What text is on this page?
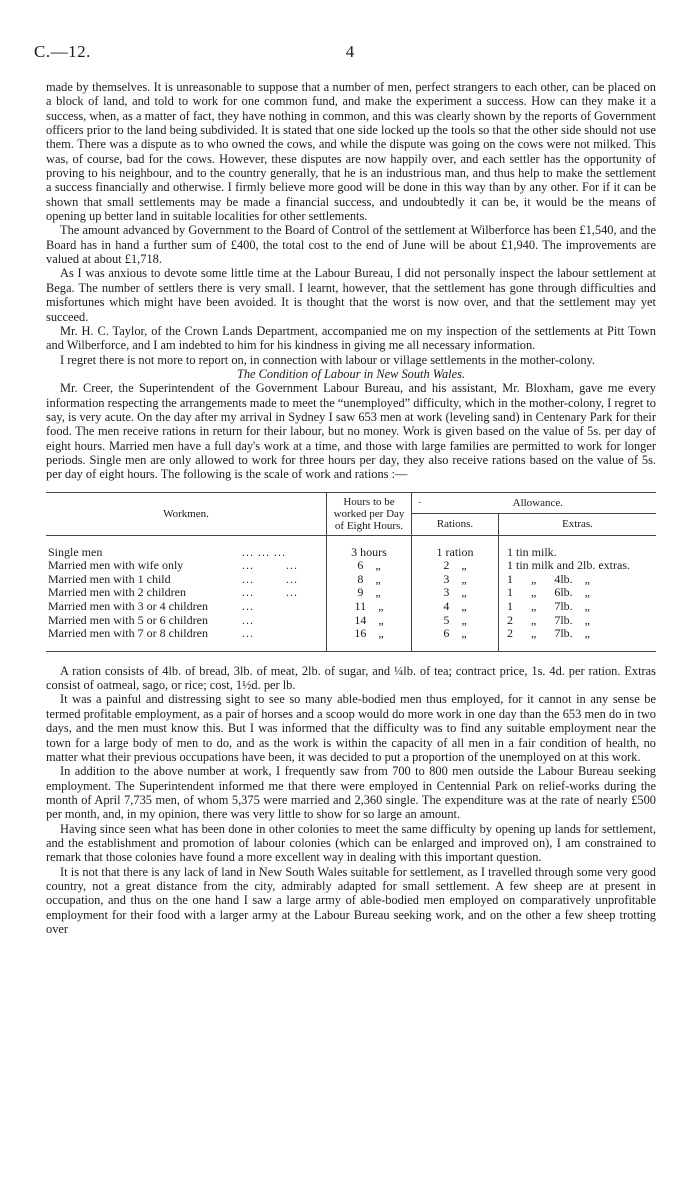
C.—12.	4

made by themselves. It is unreasonable to suppose that a number of men, perfect strangers to each other, can be placed on a block of land, and told to work for one common fund, and make the experiment a success. How can they make it a success, when, as a matter of fact, they have nothing in common, and this was clearly shown by the reports of Government officers prior to the land being subdivided. It is stated that one side locked up the tools so that the other side should not use them. There was a dispute as to who owned the cows, and while the dispute was going on the cows were not milked. This was, of course, bad for the cows. However, these disputes are now happily over, and each settler has the opportunity of proving to his neighbour, and to the country generally, that he is an industrious man, and thus help to make the settlement a success financially and otherwise. I firmly believe more good will be done in this way than by any other. For if it can be shown that small settlements may be made a financial success, and undoubtedly it can be, it would be the means of opening up better land in suitable localities for other settlements.

The amount advanced by Government to the Board of Control of the settlement at Wilberforce has been £1,540, and the Board has in hand a further sum of £400, the total cost to the end of June will be about £1,940. The improvements are valued at about £1,718.

As I was anxious to devote some little time at the Labour Bureau, I did not personally inspect the labour settlement at Bega. The number of settlers there is very small. I learnt, however, that the settlement has gone through difficulties and misfortunes which might have been avoided. It is thought that the worst is now over, and that the settlement may yet succeed.

Mr. H. C. Taylor, of the Crown Lands Department, accompanied me on my inspection of the settlements at Pitt Town and Wilberforce, and I am indebted to him for his kindness in giving me all necessary information.

I regret there is not more to report on, in connection with labour or village settlements in the mother-colony.

The Condition of Labour in New South Wales.

Mr. Creer, the Superintendent of the Government Labour Bureau, and his assistant, Mr. Bloxham, gave me every information respecting the arrangements made to meet the “unemployed” difficulty, which in the mother-colony, I regret to say, is very acute. On the day after my arrival in Sydney I saw 653 men at work (leveling sand) in Centenary Park for their food. The men receive rations in return for their labour, but no money. Work is given based on the value of 5s. per day of eight hours. Married men have a full day's work at a time, and those with large families are permitted to work for longer periods. Single men are only allowed to work for three hours per day, they also receive rations based on the value of 5s. per day of eight hours. The following is the scale of work and rations :—

Workmen.		Hours to be worked per Day of Eight Hours.	· Allowance.	
			Rations.	Extras.

Single men	... ... ...	3 hours	1 ration	1 tin milk.
Married men with wife only	...        ...	6    „	2    „	1 tin milk and 2lb. extras.
Married men with 1 child	...        ...	8    „	3    „	1      „      4lb.    „
Married men with 2 children	...        ...	9    „	3    „	1      „      6lb.    „
Married men with 3 or 4 children	...	11    „	4    „	1      „      7lb.    „
Married men with 5 or 6 children	...	14    „	5    „	2      „      7lb.    „
Married men with 7 or 8 children	...	16    „	6    „	2      „      7lb.    „

A ration consists of 4lb. of bread, 3lb. of meat, 2lb. of sugar, and ¼lb. of tea; contract price, 1s. 4d. per ration. Extras consist of oatmeal, sago, or rice; cost, 1½d. per lb.

It was a painful and distressing sight to see so many able-bodied men thus employed, for it cannot in any sense be termed profitable employment, as a pair of horses and a scoop would do more work in one day than the 653 men do in two days, and the men must know this. But I was informed that the difficulty was to find any suitable employment near the town for a large body of men to do, and as the work is within the capacity of all men in a fair condition of health, no matter what their previous occupations have been, it was decided to put a proportion of the unemployed on at this work.

In addition to the above number at work, I frequently saw from 700 to 800 men outside the Labour Bureau seeking employment. The Superintendent informed me that there were employed in Centennial Park on relief-works during the month of April 7,735 men, of whom 5,375 were married and 2,360 single. The expenditure was at the rate of nearly £500 per month, and, in my opinion, there was very little to show for so large an amount.

Having since seen what has been done in other colonies to meet the same difficulty by opening up lands for settlement, and the establishment and promotion of labour colonies (which can be enlarged and improved on), I am constrained to remark that those colonies have found a more excellent way in dealing with this important question.

It is not that there is any lack of land in New South Wales suitable for settlement, as I travelled through some very good country, not a great distance from the city, admirably adapted for small settlement. A few sheep are at present in occupation, and thus on the one hand I saw a large army of able-bodied men employed on comparatively unprofitable employment for their food with a larger army at the Labour Bureau seeking work, and on the other a few sheep trotting over
